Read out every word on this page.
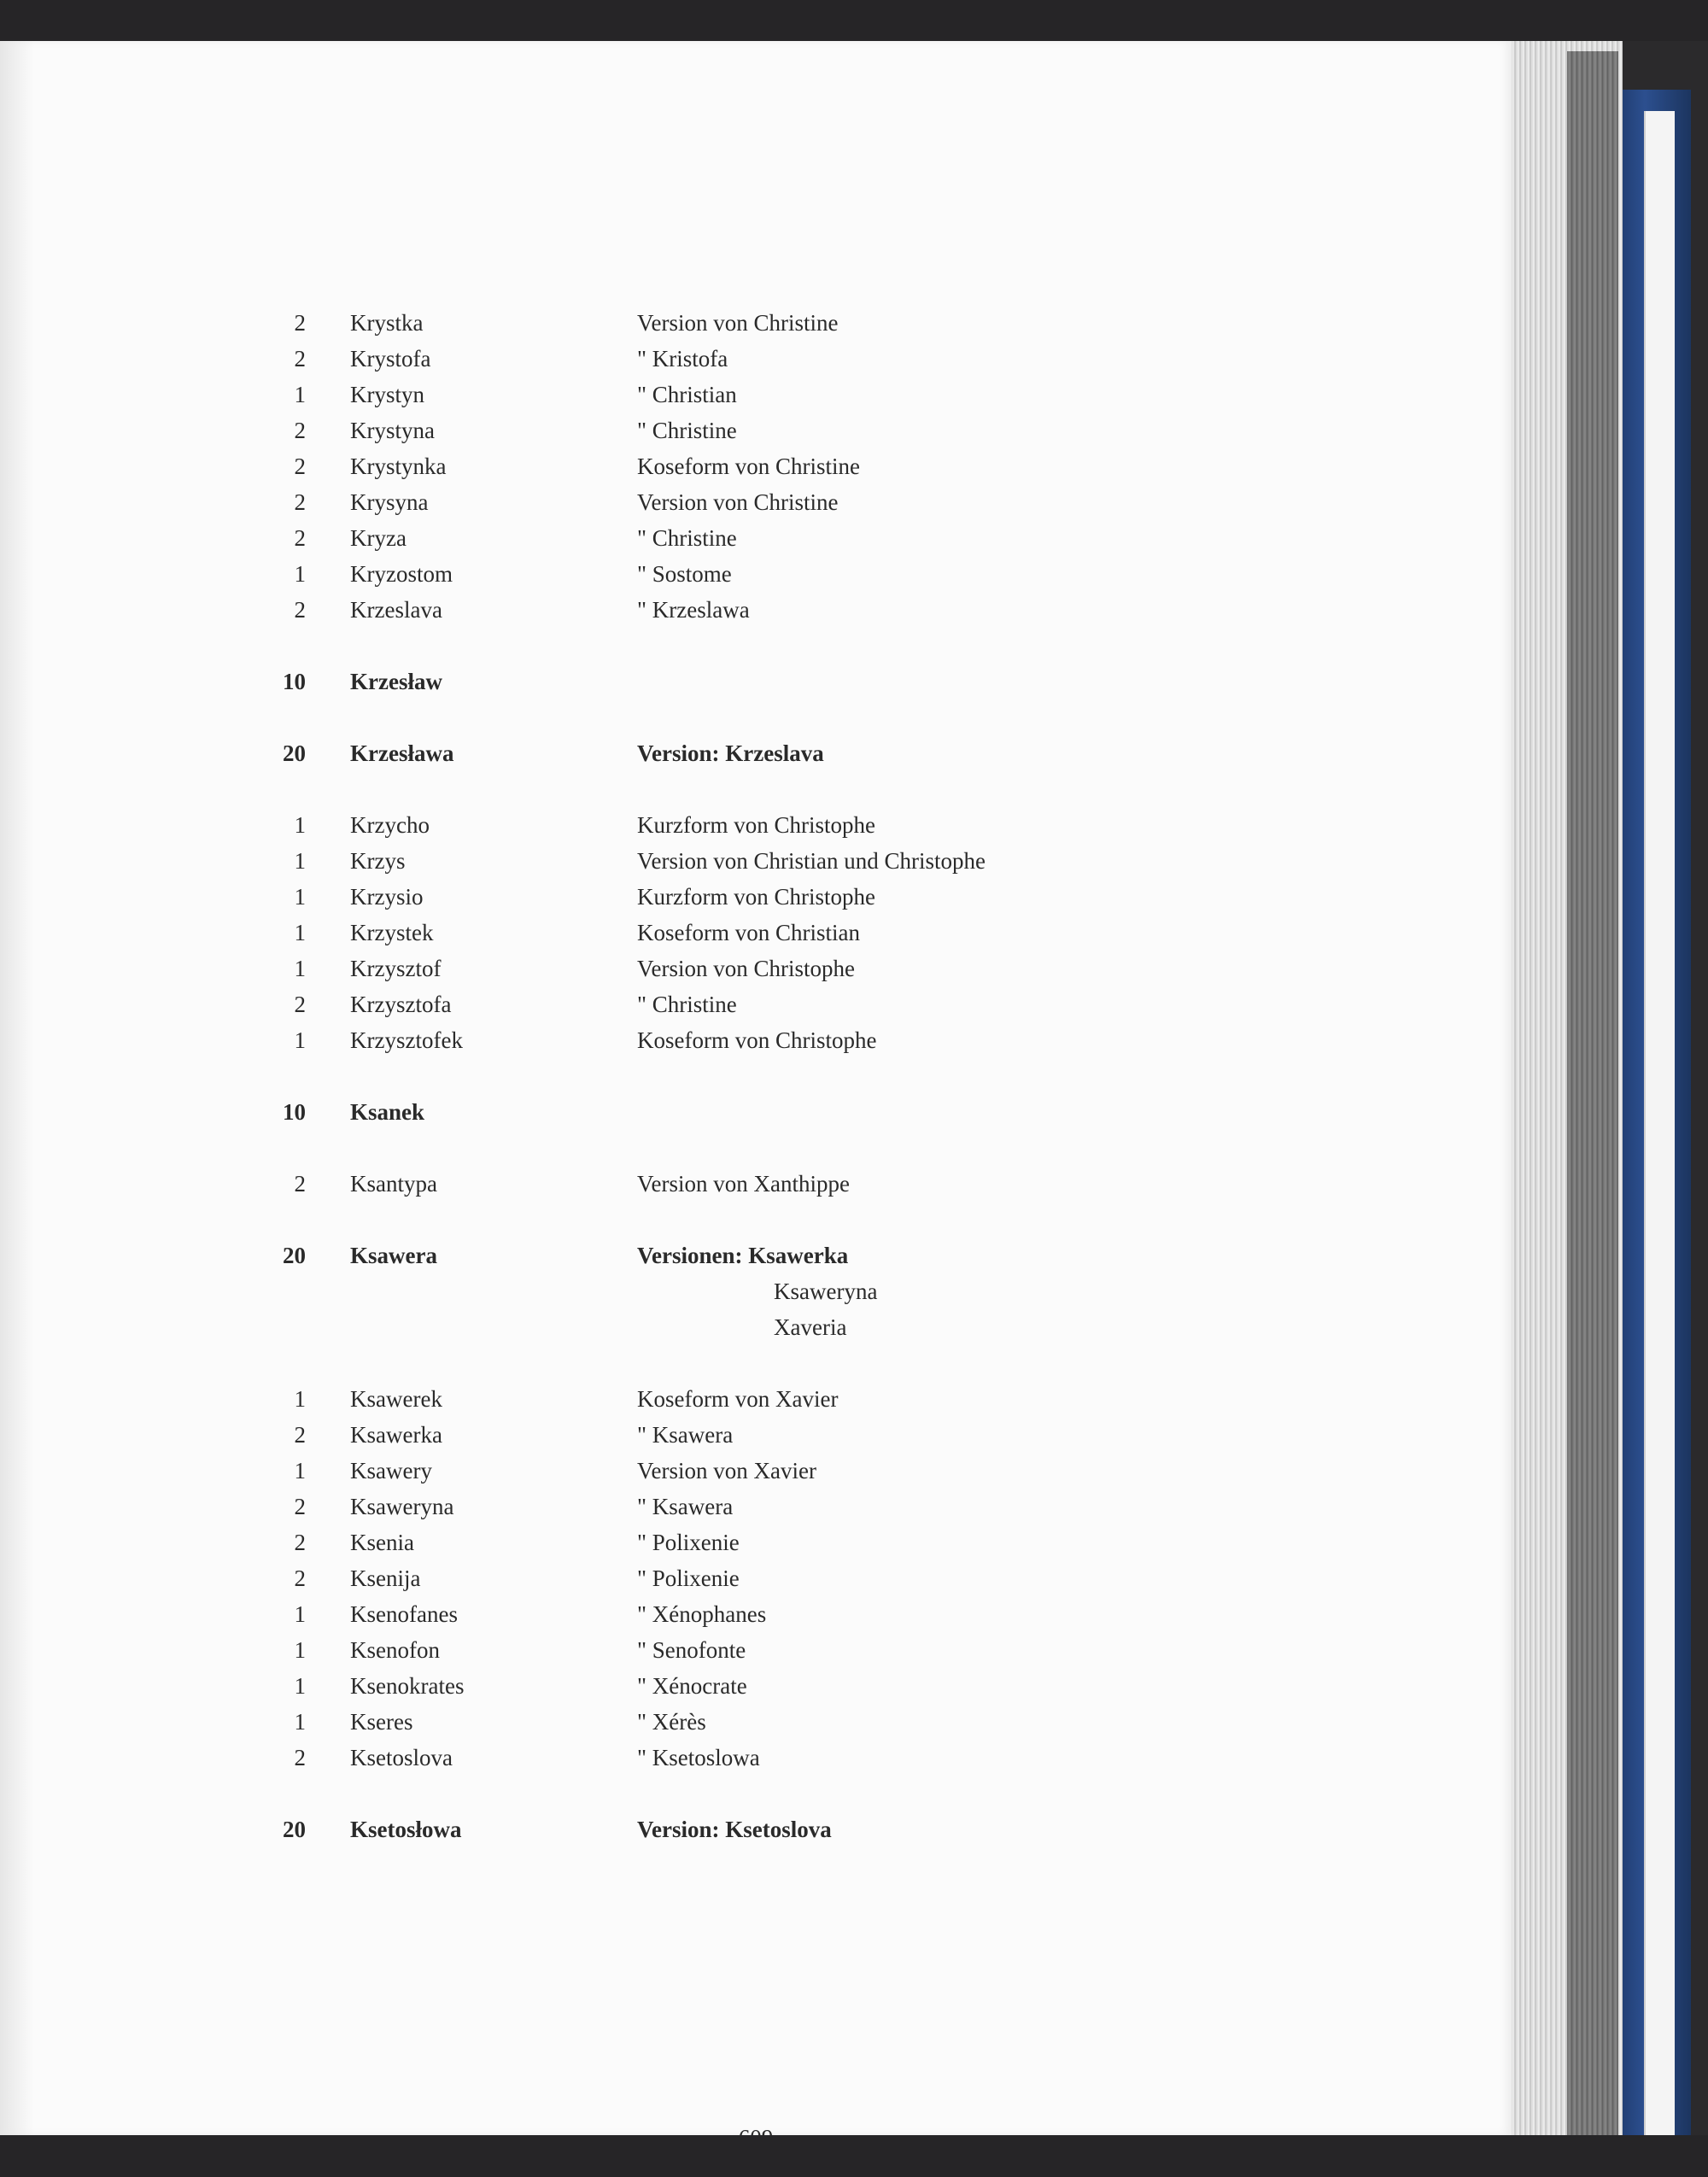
2 Krystka	Version von Christine
2 Krystofa	" Kristofa
1 Krystyn	" Christian
2 Krystyna	" Christine
2 Krystynka	Koseform von Christine
2 Krysyna	Version von Christine
2 Kryza	" Christine
1 Kryzostom	" Sostome
2 Krzeslava	" Krzeslawa
10 Krzesław
20 Krzesława	Version: Krzeslava
1 Krzycho	Kurzform von Christophe
1 Krzys	Version von Christian und Christophe
1 Krzysio	Kurzform von Christophe
1 Krzystek	Koseform von Christian
1 Krzysztof	Version von Christophe
2 Krzysztofa	" Christine
1 Krzysztofek	Koseform von Christophe
10 Ksanek
2 Ksantypa	Version von Xanthippe
20 Ksawera	Versionen: Ksawerka
Ksaweryna
Xaveria
1 Ksawerek	Koseform von Xavier
2 Ksawerka	" Ksawera
1 Ksawery	Version von Xavier
2 Ksaweryna	" Ksawera
2 Ksenia	" Polixenie
2 Ksenija	" Polixenie
1 Ksenofanes	" Xénophanes
1 Ksenofon	" Senofonte
1 Ksenokrates	" Xénocrate
1 Kseres	" Xérès
2 Ksetoslova	" Ksetoslowa
20 Ksetosłowa	Version: Ksetoslova
